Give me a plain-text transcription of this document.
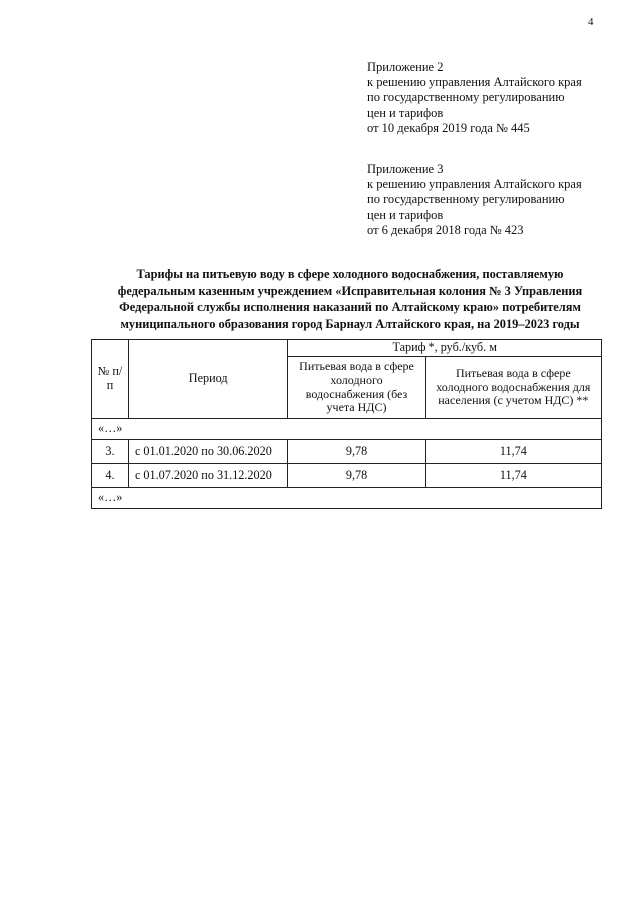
4
Приложение 2
к решению управления Алтайского края
по государственному регулированию
цен и тарифов
от 10 декабря 2019 года № 445
Приложение 3
к решению управления Алтайского края
по государственному регулированию
цен и тарифов
от 6 декабря 2018 года № 423
Тарифы на питьевую воду в сфере холодного водоснабжения, поставляемую
федеральным казенным учреждением «Исправительная колония № 3 Управления
Федеральной службы исполнения наказаний по Алтайскому краю» потребителям
муниципального образования город Барнаул Алтайского края, на 2019–2023 годы
№ п/п	Период	Тариф *, руб./куб. м	
		Питьевая вода в сфере холодного водоснабжения (без учета НДС)	Питьевая вода в сфере холодного водоснабжения для населения (с учетом НДС) **
«…»			
3.	с 01.01.2020 по 30.06.2020	9,78	11,74
4.	с 01.07.2020 по 31.12.2020	9,78	11,74
«…»			
